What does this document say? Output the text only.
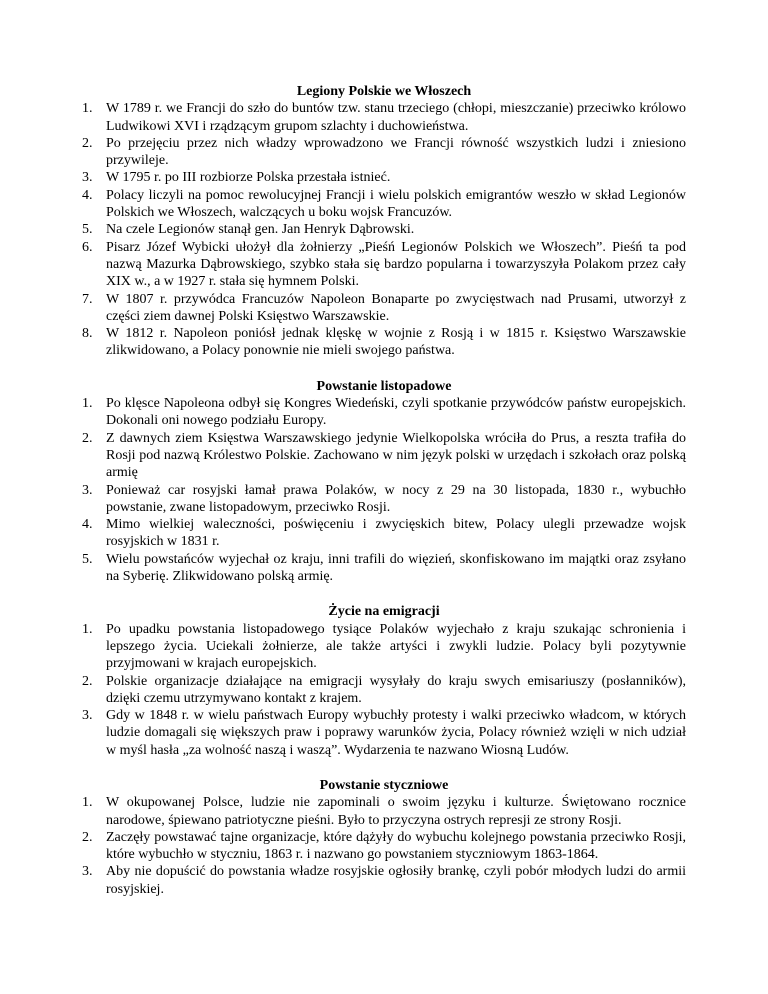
Legiony Polskie we Włoszech
1. W 1789 r. we Francji do szło do buntów tzw. stanu trzeciego (chłopi, mieszczanie) przeciwko królowo Ludwikowi XVI i rządzącym grupom szlachty i duchowieństwa.
2. Po przejęciu przez nich władzy wprowadzono we Francji równość wszystkich ludzi i zniesiono przywileje.
3. W 1795 r. po III rozbiorze Polska przestała istnieć.
4. Polacy liczyli na pomoc rewolucyjnej Francji i wielu polskich emigrantów weszło w skład Legionów Polskich we Włoszech, walczących u boku wojsk Francuzów.
5. Na czele Legionów stanął gen. Jan Henryk Dąbrowski.
6. Pisarz Józef Wybicki ułożył dla żołnierzy „Pieśń Legionów Polskich we Włoszech”. Pieśń ta pod nazwą Mazurka Dąbrowskiego, szybko stała się bardzo popularna i towarzyszyła Polakom przez cały XIX w., a w 1927 r. stała się hymnem Polski.
7. W 1807 r. przywódca Francuzów Napoleon Bonaparte po zwycięstwach nad Prusami, utworzył z części ziem dawnej Polski Księstwo Warszawskie.
8. W 1812 r. Napoleon poniósł jednak klęskę w wojnie z Rosją i w 1815 r. Księstwo Warszawskie zlikwidowano, a Polacy ponownie nie mieli swojego państwa.
Powstanie listopadowe
1. Po klęsce Napoleona odbył się Kongres Wiedeński, czyli spotkanie przywódców państw europejskich. Dokonali oni nowego podziału Europy.
2. Z dawnych ziem Księstwa Warszawskiego jedynie Wielkopolska wróciła do Prus, a reszta trafiła do Rosji pod nazwą Królestwo Polskie. Zachowano w nim język polski w urzędach i szkołach oraz polską armię
3. Ponieważ car rosyjski łamał prawa Polaków, w nocy z 29 na 30 listopada, 1830 r., wybuchło powstanie, zwane listopadowym, przeciwko Rosji.
4. Mimo wielkiej waleczności, poświęceniu i zwycięskich bitew, Polacy ulegli przewadze wojsk rosyjskich w 1831 r.
5. Wielu powstańców wyjechał oz kraju, inni trafili do więzień, skonfiskowano im majątki oraz zsyłano na Syberię. Zlikwidowano polską armię.
Życie na emigracji
1. Po upadku powstania listopadowego tysiące Polaków wyjechało z kraju szukając schronienia i lepszego życia. Uciekali żołnierze, ale także artyści i zwykli ludzie. Polacy byli pozytywnie przyjmowani w krajach europejskich.
2. Polskie organizacje działające na emigracji wysyłały do kraju swych emisariuszy (posłanników), dzięki czemu utrzymywano kontakt z krajem.
3. Gdy w 1848 r. w wielu państwach Europy wybuchły protesty i walki przeciwko władcom, w których ludzie domagali się większych praw i poprawy warunków życia, Polacy również wzięli w nich udział w myśl hasła „za wolność naszą i waszą”. Wydarzenia te nazwano Wiosną Ludów.
Powstanie styczniowe
1. W okupowanej Polsce, ludzie nie zapominali o swoim języku i kulturze. Świętowano rocznice narodowe, śpiewano patriotyczne pieśni. Było to przyczyna ostrych represji ze strony Rosji.
2. Zaczęły powstawać tajne organizacje, które dążyły do wybuchu kolejnego powstania przeciwko Rosji, które wybuchło w styczniu, 1863 r. i nazwano go powstaniem styczniowym 1863-1864.
3. Aby nie dopuścić do powstania władze rosyjskie ogłosiły brankę, czyli pobór młodych ludzi do armii rosyjskiej.
